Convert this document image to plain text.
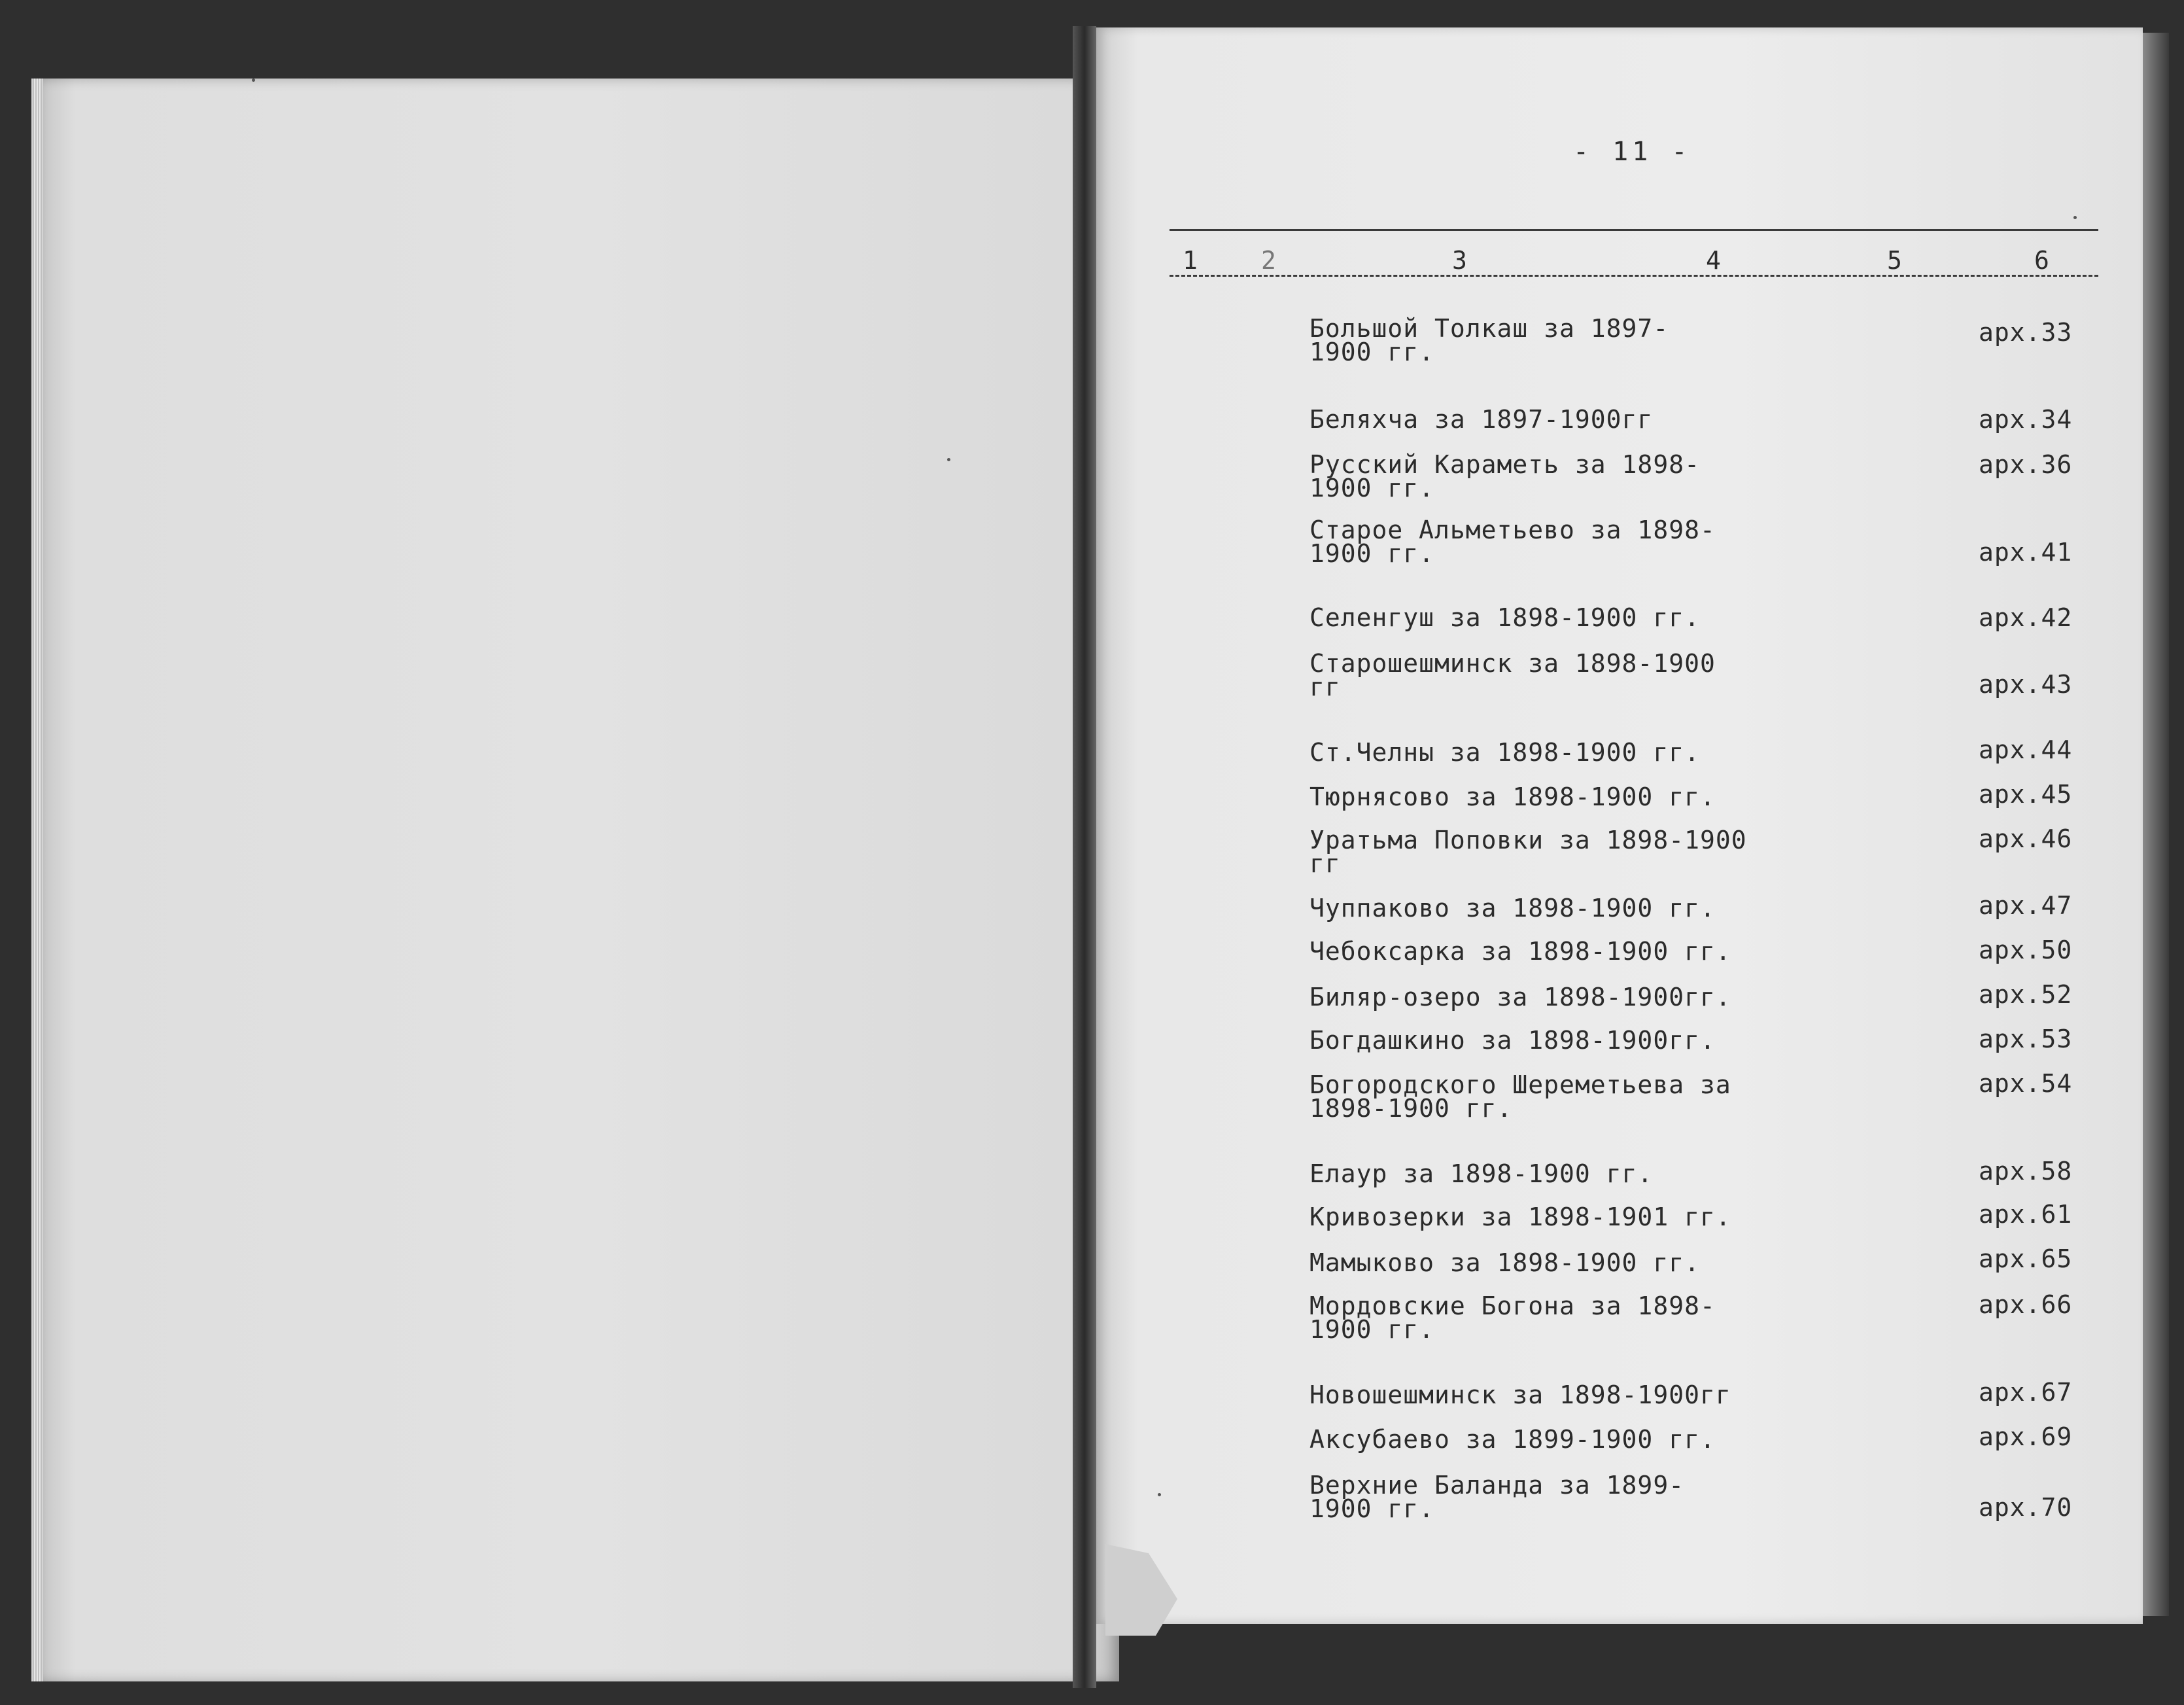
- 11 -
1	2	3	4	5	6
Большой Толкаш за 1897-
1900 гг.
арх.33
Беляхча за 1897-1900гг	арх.34
Русский Караметь за 1898-
1900 гг.
арх.36
Старое Альметьево за 1898-
1900 гг.	арх.41
Селенгуш за 1898-1900 гг.	арх.42
Старошешминск за 1898-1900
гг	арх.43
Ст.Челны за 1898-1900 гг.	арх.44
Тюрнясово за 1898-1900 гг.	арх.45
Уратьма Поповки за 1898-1900
гг
арх.46
Чуппаково за 1898-1900 гг.	арх.47
Чебоксарка за 1898-1900 гг.	арх.50
Биляр-озеро за 1898-1900гг.	арх.52
Богдашкино за 1898-1900гг.	арх.53
Богородского Шереметьева за
1898-1900 гг.
арх.54
Елаур за 1898-1900 гг.	арх.58
Кривозерки за 1898-1901 гг.	арх.61
Мамыково за 1898-1900 гг.	арх.65
Мордовские Богона за 1898-
1900 гг.
арх.66
Новошешминск за 1898-1900гг	арх.67
Аксубаево за 1899-1900 гг.	арх.69
Верхние Баланда за 1899-
1900 гг.	арх.70
